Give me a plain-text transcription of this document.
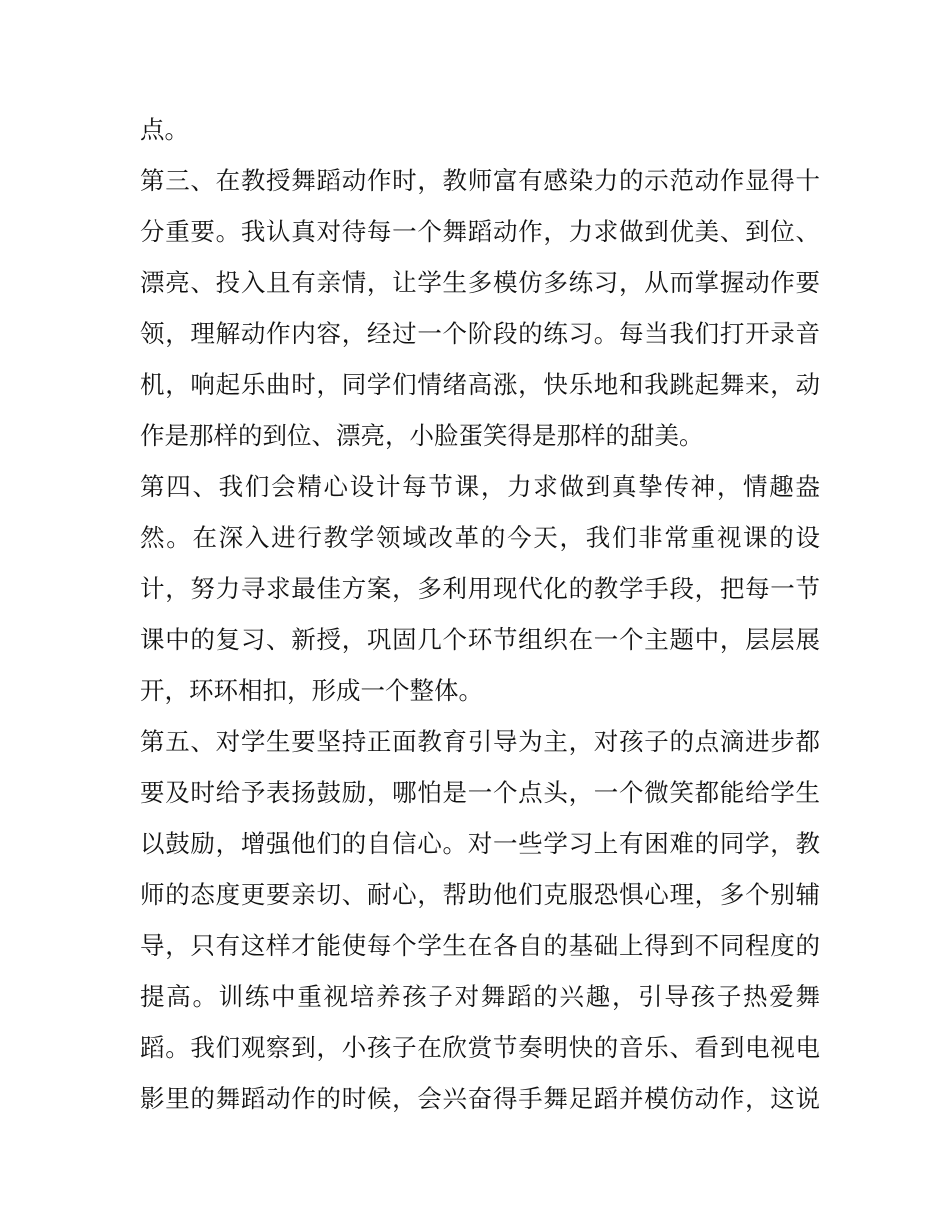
点。
第三、在教授舞蹈动作时，教师富有感染力的示范动作显得十
分重要。我认真对待每一个舞蹈动作，力求做到优美、到位、
漂亮、投入且有亲情，让学生多模仿多练习，从而掌握动作要
领，理解动作内容，经过一个阶段的练习。每当我们打开录音
机，响起乐曲时，同学们情绪高涨，快乐地和我跳起舞来，动
作是那样的到位、漂亮，小脸蛋笑得是那样的甜美。
第四、我们会精心设计每节课，力求做到真挚传神，情趣盎
然。在深入进行教学领域改革的今天，我们非常重视课的设
计，努力寻求最佳方案，多利用现代化的教学手段，把每一节
课中的复习、新授，巩固几个环节组织在一个主题中，层层展
开，环环相扣，形成一个整体。
第五、对学生要坚持正面教育引导为主，对孩子的点滴进步都
要及时给予表扬鼓励，哪怕是一个点头，一个微笑都能给学生
以鼓励，增强他们的自信心。对一些学习上有困难的同学，教
师的态度更要亲切、耐心，帮助他们克服恐惧心理，多个别辅
导，只有这样才能使每个学生在各自的基础上得到不同程度的
提高。训练中重视培养孩子对舞蹈的兴趣，引导孩子热爱舞
蹈。我们观察到，小孩子在欣赏节奏明快的音乐、看到电视电
影里的舞蹈动作的时候，会兴奋得手舞足蹈并模仿动作，这说
